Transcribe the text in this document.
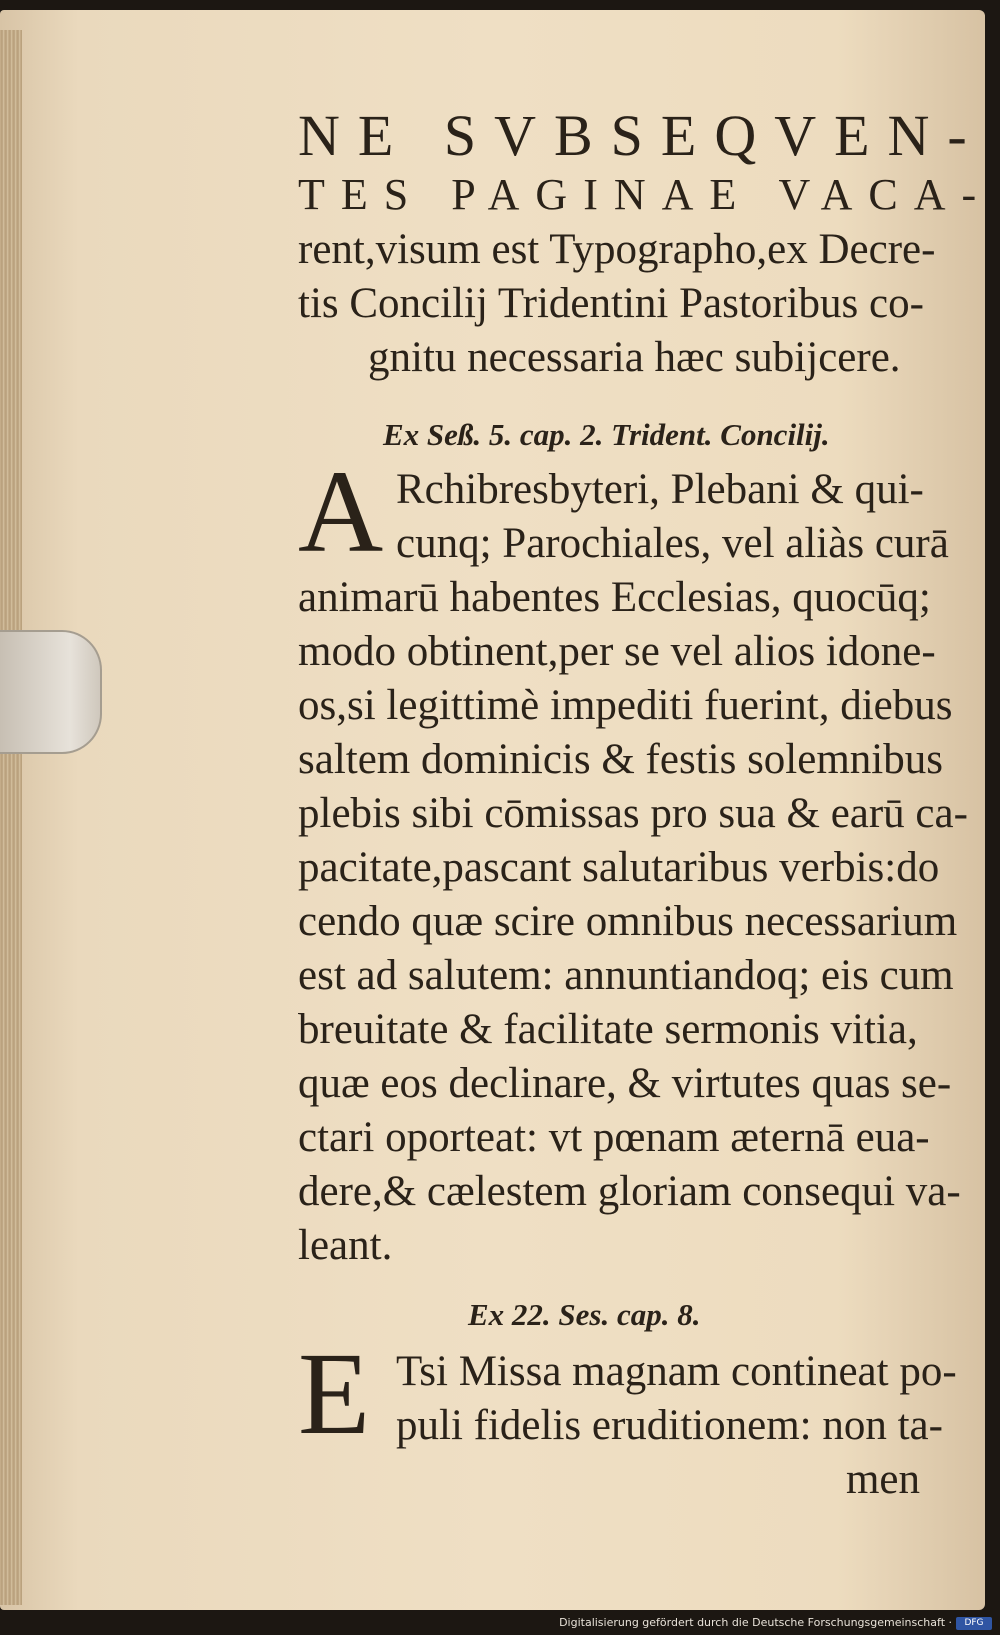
NE SVBSEQVEN-
TES PAGINAE VACA-
rent,visum est Typographo,ex Decre-
tis Concilij Tridentini Pastoribus co-
gnitu necessaria hæc subijcere.
Ex Seß. 5. cap. 2. Trident. Concilij.
A Rchibresbyteri, Plebani & qui-
cunq; Parochiales, vel aliàs curā
animarū habentes Ecclesias, quocūq;
modo obtinent,per se vel alios idone-
os,si legittimè impediti fuerint, diebus
saltem dominicis & festis solemnibus
plebis sibi cōmissas pro sua & earū ca-
pacitate,pascant salutaribus verbis:do
cendo quæ scire omnibus necessarium
est ad salutem: annuntiandoq; eis cum
breuitate & facilitate sermonis vitia,
quæ eos declinare, & virtutes quas se-
ctari oporteat: vt pœnam æternā eua-
dere,& cælestem gloriam consequi va-
leant.
Ex 22. Ses. cap. 8.
E Tsi Missa magnam contineat po-
puli fidelis eruditionem: non ta-
men
Digitalisierung gefördert durch die Deutsche Forschungsgemeinschaft ·	DFG
